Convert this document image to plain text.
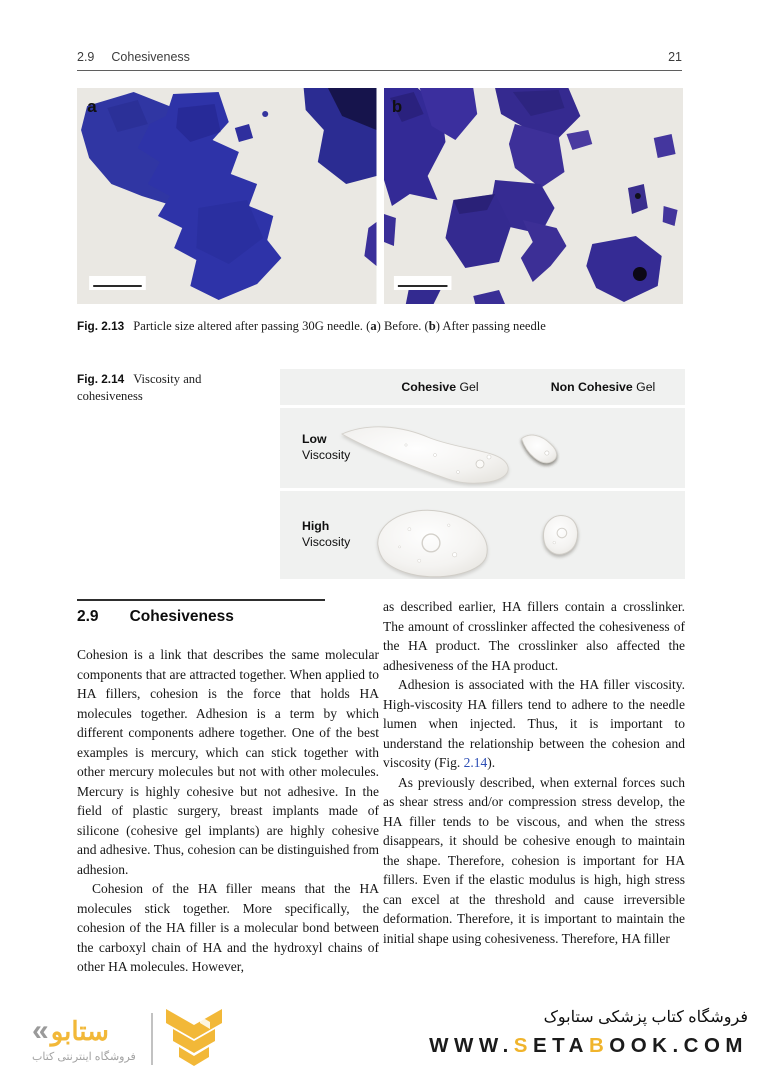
2.9 Cohesiveness	21
a	b
Fig. 2.13 Particle size altered after passing 30G needle. (a) Before. (b) After passing needle
Fig. 2.14 Viscosity and cohesiveness
Cohesive Gel	Non Cohesive Gel
Low
Viscosity
High
Viscosity
2.9 Cohesiveness

Cohesion is a link that describes the same molecular components that are attracted together. When applied to HA fillers, cohesion is the force that holds HA molecules together. Adhesion is a term by which different components adhere together. One of the best examples is mercury, which can stick together with other mercury molecules but not with other molecules. Mercury is highly cohesive but not adhesive. In the field of plastic surgery, breast implants made of silicone (cohesive gel implants) are highly cohesive and adhesive. Thus, cohesion can be distinguished from adhesion.

Cohesion of the HA filler means that the HA molecules stick together. More specifically, the cohesion of the HA filler is a molecular bond between the carboxyl chain of HA and the hydroxyl chains of other HA molecules. However,

as described earlier, HA fillers contain a crosslinker. The amount of crosslinker affected the cohesiveness of the HA product. The crosslinker also affected the adhesiveness of the HA product.

Adhesion is associated with the HA filler viscosity. High-viscosity HA fillers tend to adhere to the needle lumen when injected. Thus, it is important to understand the relationship between the cohesion and viscosity (Fig. 2.14).

As previously described, when external forces such as shear stress and/or compression stress develop, the HA filler tends to be viscous, and when the stress disappears, it should be cohesive enough to maintain the shape. Therefore, cohesion is important for HA fillers. Even if the elastic modulus is high, high stress can excel at the threshold and cause irreversible deformation. Therefore, it is important to maintain the initial shape using cohesiveness. Therefore, HA filler

« ستابو
فروشگاه اینترنتی کتاب
فروشگاه کتاب پزشکی ستابوک
WWW.SETABOOK.COM
